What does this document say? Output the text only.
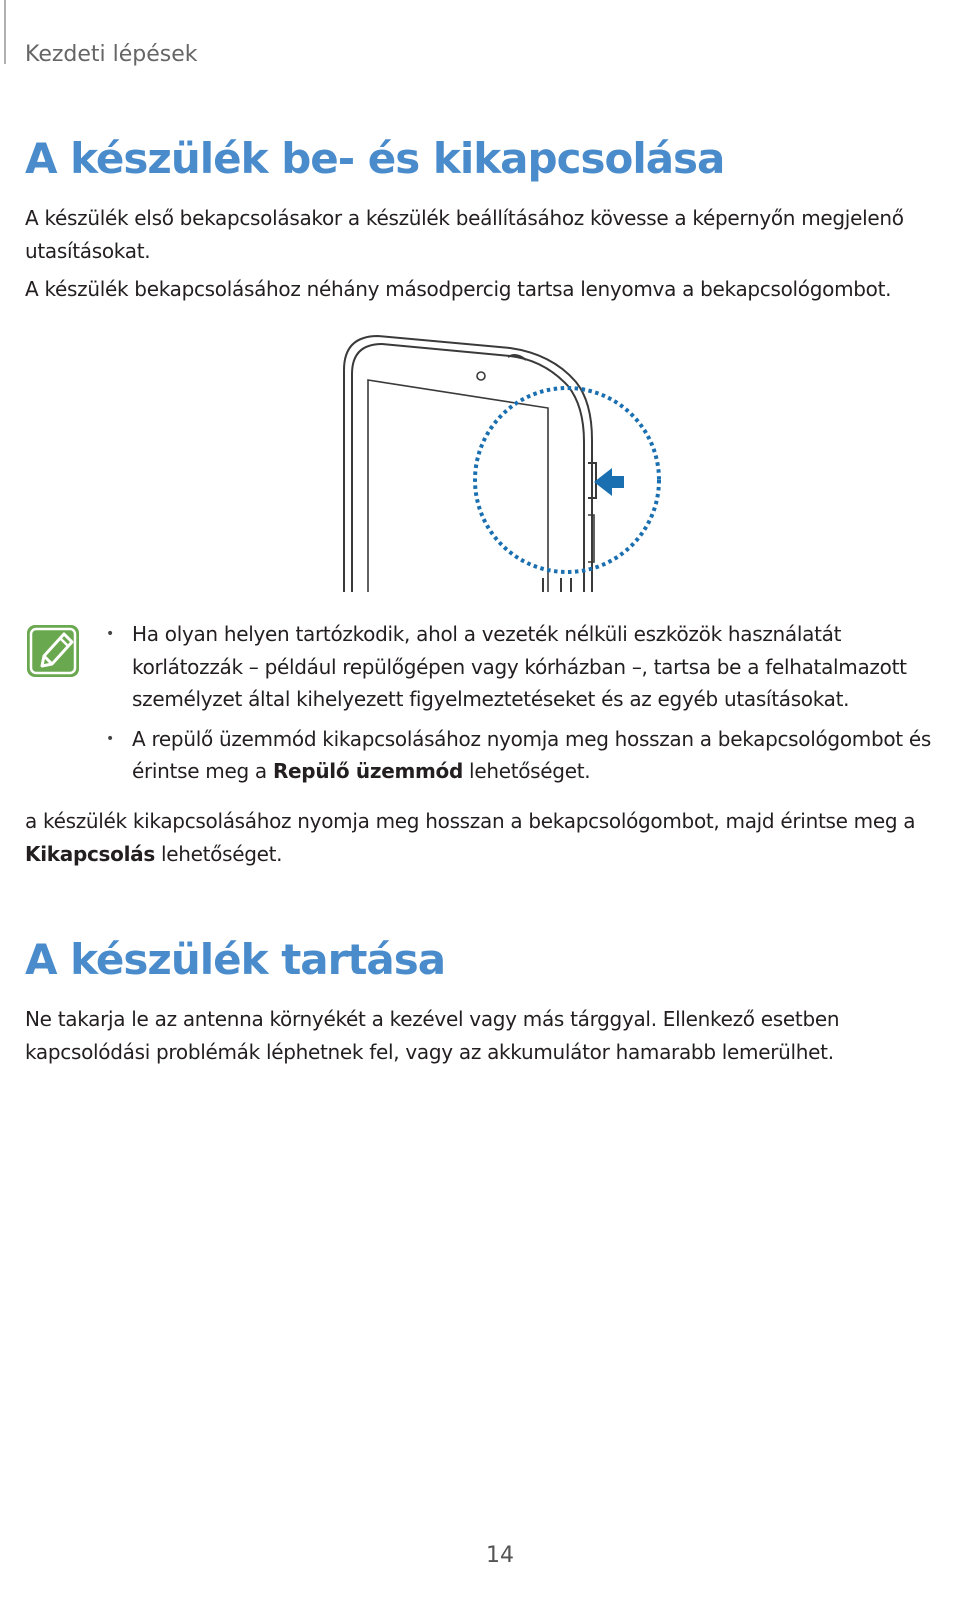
Kezdeti lépések
A készülék be- és kikapcsolása

A készülék első bekapcsolásakor a készülék beállításához kövesse a képernyőn megjelenő utasításokat.

A készülék bekapcsolásához néhány másodpercig tartsa lenyomva a bekapcsológombot.

• Ha olyan helyen tartózkodik, ahol a vezeték nélküli eszközök használatát korlátozzák – például repülőgépen vagy kórházban –, tartsa be a felhatalmazott személyzet által kihelyezett figyelmeztetéseket és az egyéb utasításokat.
• A repülő üzemmód kikapcsolásához nyomja meg hosszan a bekapcsológombot és érintse meg a Repülő üzemmód lehetőséget.

a készülék kikapcsolásához nyomja meg hosszan a bekapcsológombot, majd érintse meg a Kikapcsolás lehetőséget.

A készülék tartása

Ne takarja le az antenna környékét a kezével vagy más tárggyal. Ellenkező esetben kapcsolódási problémák léphetnek fel, vagy az akkumulátor hamarabb lemerülhet.

14
